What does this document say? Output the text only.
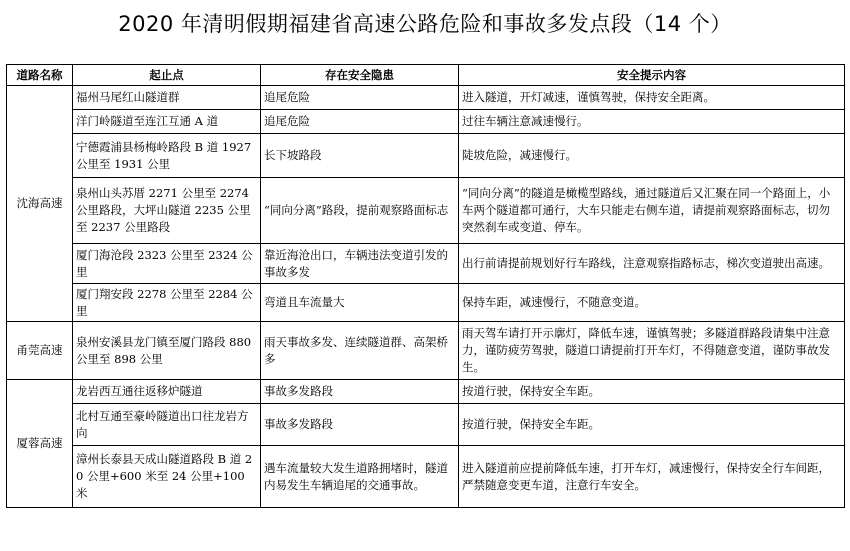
2020 年清明假期福建省高速公路危险和事故多发点段（14 个）
道路名称	起止点	存在安全隐患	安全提示内容
沈海高速	福州马尾红山隧道群	追尾危险	进入隧道，开灯减速，谨慎驾驶，保持安全距离。
	洋门岭隧道至连江互通 A 道	追尾危险	过往车辆注意减速慢行。
	宁德霞浦县杨梅岭路段 B 道 1927 公里至 1931 公里	长下坡路段	陡坡危险，减速慢行。
	泉州山头苏厝 2271 公里至 2274 公里路段，大坪山隧道 2235 公里至 2237 公里路段	“同向分离”路段，提前观察路面标志	“同向分离”的隧道是橄榄型路线，通过隧道后又汇聚在同一个路面上，小车两个隧道都可通行，大车只能走右侧车道，请提前观察路面标志，切勿突然刹车或变道、停车。
	厦门海沧段 2323 公里至 2324 公里	靠近海沧出口，车辆违法变道引发的事故多发	出行前请提前规划好行车路线，注意观察指路标志，梯次变道驶出高速。
	厦门翔安段 2278 公里至 2284 公里	弯道且车流量大	保持车距，减速慢行，不随意变道。
甬莞高速	泉州安溪县龙门镇至厦门路段 880 公里至 898 公里	雨天事故多发、连续隧道群、高架桥多	雨天驾车请打开示廓灯，降低车速，谨慎驾驶；多隧道群路段请集中注意力，谨防疲劳驾驶，隧道口请提前打开车灯，不得随意变道，谨防事故发生。
厦蓉高速	龙岩西互通往返移炉隧道	事故多发路段	按道行驶，保持安全车距。
	北村互通至豪岭隧道出口往龙岩方向	事故多发路段	按道行驶，保持安全车距。
	漳州长泰县天成山隧道路段 B 道 20 公里+600 米至 24 公里+100 米	遇车流量较大发生道路拥堵时，隧道内易发生车辆追尾的交通事故。	进入隧道前应提前降低车速，打开车灯，减速慢行，保持安全行车间距，严禁随意变更车道，注意行车安全。
